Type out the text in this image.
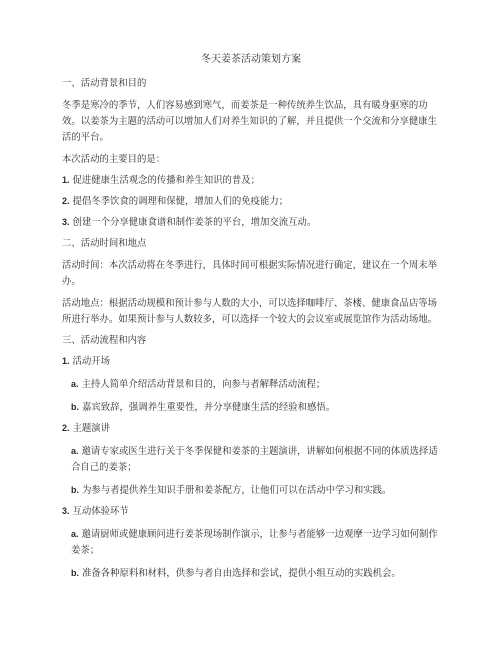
冬天姜茶活动策划方案
一、活动背景和目的
冬季是寒冷的季节，人们容易感到寒气，而姜茶是一种传统养生饮品，具有暖身驱寒的功效。以姜茶为主题的活动可以增加人们对养生知识的了解，并且提供一个交流和分享健康生活的平台。
本次活动的主要目的是：
1. 促进健康生活观念的传播和养生知识的普及；
2. 提倡冬季饮食的调理和保健，增加人们的免疫能力；
3. 创建一个分享健康食谱和制作姜茶的平台，增加交流互动。
二、活动时间和地点
活动时间：本次活动将在冬季进行，具体时间可根据实际情况进行确定，建议在一个周末举办。
活动地点：根据活动规模和预计参与人数的大小，可以选择咖啡厅、茶楼、健康食品店等场所进行举办。如果预计参与人数较多，可以选择一个较大的会议室或展览馆作为活动场地。
三、活动流程和内容
1. 活动开场
a. 主持人简单介绍活动背景和目的，向参与者解释活动流程；
b. 嘉宾致辞，强调养生重要性，并分享健康生活的经验和感悟。
2. 主题演讲
a. 邀请专家或医生进行关于冬季保健和姜茶的主题演讲，讲解如何根据不同的体质选择适合自己的姜茶；
b. 为参与者提供养生知识手册和姜茶配方，让他们可以在活动中学习和实践。
3. 互动体验环节
a. 邀请厨师或健康顾问进行姜茶现场制作演示，让参与者能够一边观摩一边学习如何制作姜茶；
b. 准备各种原料和材料，供参与者自由选择和尝试，提供小组互动的实践机会。
